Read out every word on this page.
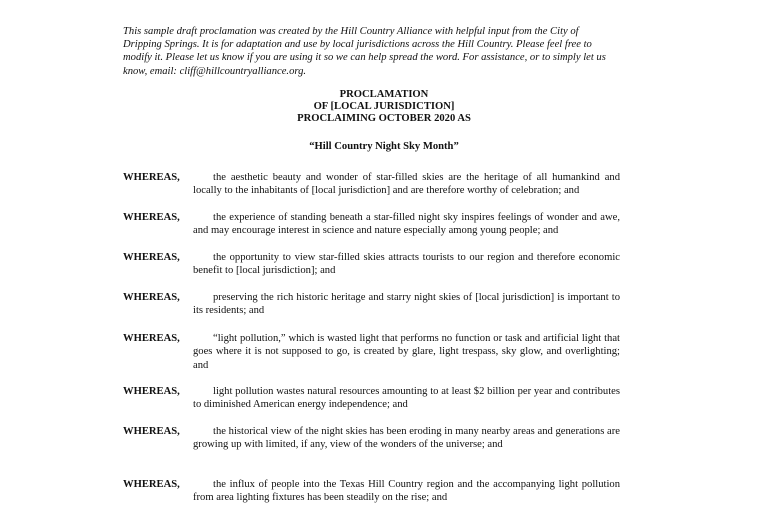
This sample draft proclamation was created by the Hill Country Alliance with helpful input from the City of Dripping Springs. It is for adaptation and use by local jurisdictions across the Hill Country. Please feel free to modify it. Please let us know if you are using it so we can help spread the word. For assistance, or to simply let us know, email: cliff@hillcountryalliance.org.
PROCLAMATION
OF [LOCAL JURISDICTION]
PROCLAIMING OCTOBER 2020 AS
“Hill Country Night Sky Month”
WHEREAS,	the aesthetic beauty and wonder of star-filled skies are the heritage of all humankind and locally to the inhabitants of [local jurisdiction] and are therefore worthy of celebration; and
WHEREAS,	the experience of standing beneath a star-filled night sky inspires feelings of wonder and awe, and may encourage interest in science and nature especially among young people; and
WHEREAS,	the opportunity to view star-filled skies attracts tourists to our region and therefore economic benefit to [local jurisdiction]; and
WHEREAS,	preserving the rich historic heritage and starry night skies of [local jurisdiction] is important to its residents; and
WHEREAS,	“light pollution,” which is wasted light that performs no function or task and artificial light that goes where it is not supposed to go, is created by glare, light trespass, sky glow, and overlighting; and
WHEREAS,	light pollution wastes natural resources amounting to at least $2 billion per year and contributes to diminished American energy independence; and
WHEREAS,	the historical view of the night skies has been eroding in many nearby areas and generations are growing up with limited, if any, view of the wonders of the universe; and
WHEREAS,	the influx of people into the Texas Hill Country region and the accompanying light pollution from area lighting fixtures has been steadily on the rise; and
